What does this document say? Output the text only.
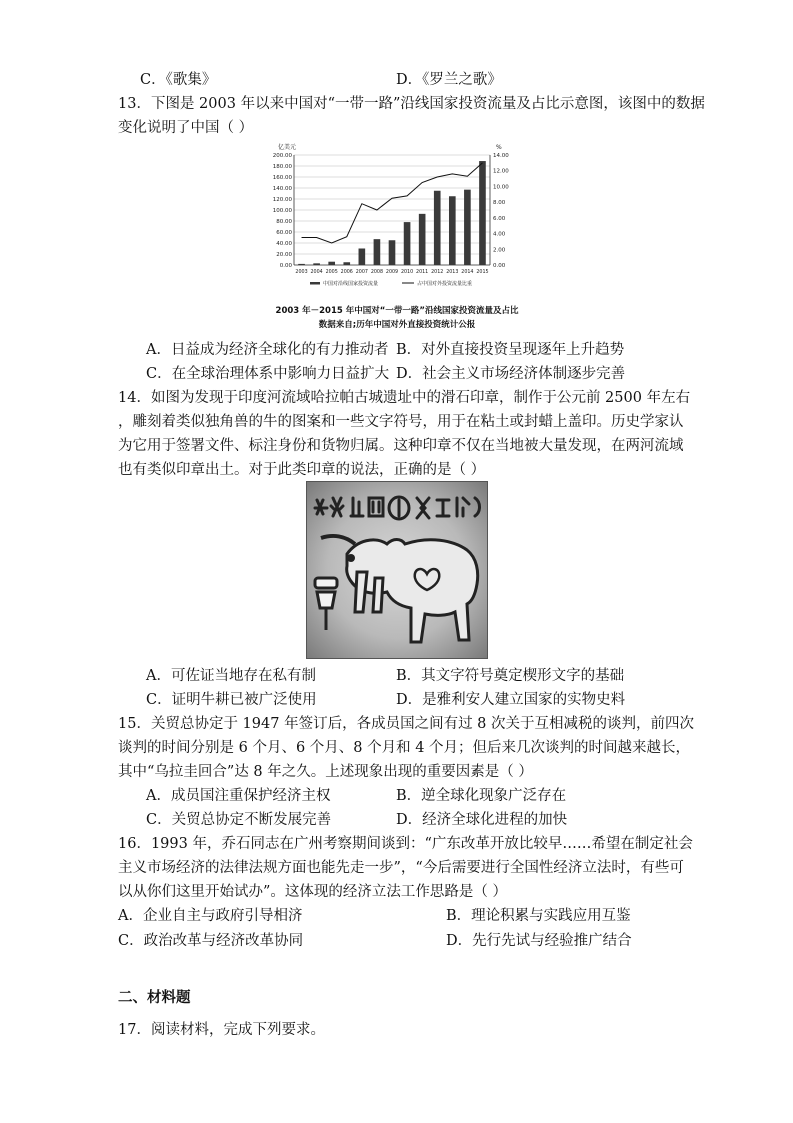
C．《歌集》	D．《罗兰之歌》
13．下图是 2003 年以来中国对“一带一路”沿线国家投资流量及占比示意图，该图中的数据
变化说明了中国（ ）
0.00
20.00
40.00
60.00
80.00
100.00
120.00
140.00
160.00
180.00
200.00
0.00
2.00
4.00
6.00
8.00
10.00
12.00
14.00
亿美元	%
2003 2004 2005 2006 2007 2008 2009 2010 2011 2012 2013 2014 2015
中国对沿线国家投资流量	占中国对外投资流量比重
2003 年－2015 年中国对“一带一路”沿线国家投资流量及占比
数据来自;历年中国对外直接投资统计公报
A．日益成为经济全球化的有力推动者 B．对外直接投资呈现逐年上升趋势
C．在全球治理体系中影响力日益扩大 D．社会主义市场经济体制逐步完善
14．如图为发现于印度河流域哈拉帕古城遗址中的滑石印章，制作于公元前 2500 年左右
，雕刻着类似独角兽的牛的图案和一些文字符号，用于在粘土或封蜡上盖印。历史学家认
为它用于签署文件、标注身份和货物归属。这种印章不仅在当地被大量发现，在两河流域
也有类似印章出土。对于此类印章的说法，正确的是（ ）
A．可佐证当地存在私有制	B．其文字符号奠定楔形文字的基础
C．证明牛耕已被广泛使用	D．是雅利安人建立国家的实物史料
15．关贸总协定于 1947 年签订后，各成员国之间有过 8 次关于互相减税的谈判，前四次
谈判的时间分别是 6 个月、6 个月、8 个月和 4 个月；但后来几次谈判的时间越来越长，
其中“乌拉圭回合”达 8 年之久。上述现象出现的重要因素是（ ）
A．成员国注重保护经济主权	B．逆全球化现象广泛存在
C．关贸总协定不断发展完善	D．经济全球化进程的加快
16．1993 年，乔石同志在广州考察期间谈到：“广东改革开放比较早……希望在制定社会
主义市场经济的法律法规方面也能先走一步”，“今后需要进行全国性经济立法时，有些可
以从你们这里开始试办”。这体现的经济立法工作思路是（ ）
A．企业自主与政府引导相济	B．理论积累与实践应用互鉴
C．政治改革与经济改革协同	D．先行先试与经验推广结合
二、材料题
17．阅读材料，完成下列要求。
